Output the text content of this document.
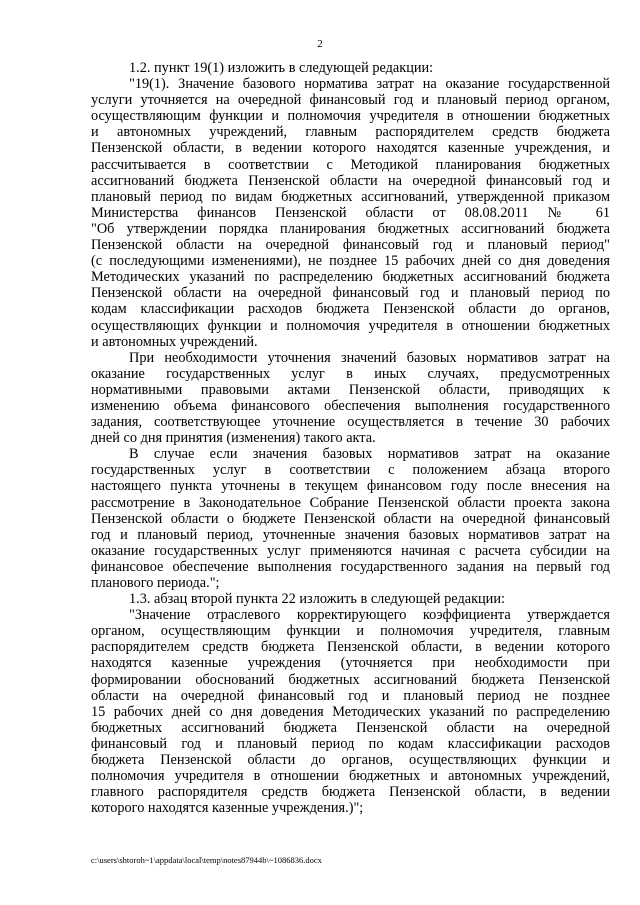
2
1.2. пункт 19(1) изложить в следующей редакции:
"19(1). Значение базового норматива затрат на оказание государственной
услуги уточняется на очередной финансовый год и плановый период органом,
осуществляющим функции и полномочия учредителя в отношении бюджетных
и автономных учреждений, главным распорядителем средств бюджета
Пензенской области, в ведении которого находятся казенные учреждения, и
рассчитывается в соответствии с Методикой планирования бюджетных
ассигнований бюджета Пензенской области на очередной финансовый год и
плановый период по видам бюджетных ассигнований, утвержденной приказом
Министерства финансов Пензенской области от 08.08.2011 № 61
"Об утверждении порядка планирования бюджетных ассигнований бюджета
Пензенской области на очередной финансовый год и плановый период"
(с последующими изменениями), не позднее 15 рабочих дней со дня доведения
Методических указаний по распределению бюджетных ассигнований бюджета
Пензенской области на очередной финансовый год и плановый период по
кодам классификации расходов бюджета Пензенской области до органов,
осуществляющих функции и полномочия учредителя в отношении бюджетных
и автономных учреждений.
При необходимости уточнения значений базовых нормативов затрат на
оказание государственных услуг в иных случаях, предусмотренных
нормативными правовыми актами Пензенской области, приводящих к
изменению объема финансового обеспечения выполнения государственного
задания, соответствующее уточнение осуществляется в течение 30 рабочих
дней со дня принятия (изменения) такого акта.
В случае если значения базовых нормативов затрат на оказание
государственных услуг в соответствии с положением абзаца второго
настоящего пункта уточнены в текущем финансовом году после внесения на
рассмотрение в Законодательное Собрание Пензенской области проекта закона
Пензенской области о бюджете Пензенской области на очередной финансовый
год и плановый период, уточненные значения базовых нормативов затрат на
оказание государственных услуг применяются начиная с расчета субсидии на
финансовое обеспечение выполнения государственного задания на первый год
планового периода.";
1.3. абзац второй пункта 22 изложить в следующей редакции:
"Значение отраслевого корректирующего коэффициента утверждается
органом, осуществляющим функции и полномочия учредителя, главным
распорядителем средств бюджета Пензенской области, в ведении которого
находятся казенные учреждения (уточняется при необходимости при
формировании обоснований бюджетных ассигнований бюджета Пензенской
области на очередной финансовый год и плановый период не позднее
15 рабочих дней со дня доведения Методических указаний по распределению
бюджетных ассигнований бюджета Пензенской области на очередной
финансовый год и плановый период по кодам классификации расходов
бюджета Пензенской области до органов, осуществляющих функции и
полномочия учредителя в отношении бюджетных и автономных учреждений,
главного распорядителя средств бюджета Пензенской области, в ведении
которого находятся казенные учреждения.)";
c:\users\shtoroh~1\appdata\local\temp\notes87944b\~1086836.docx
